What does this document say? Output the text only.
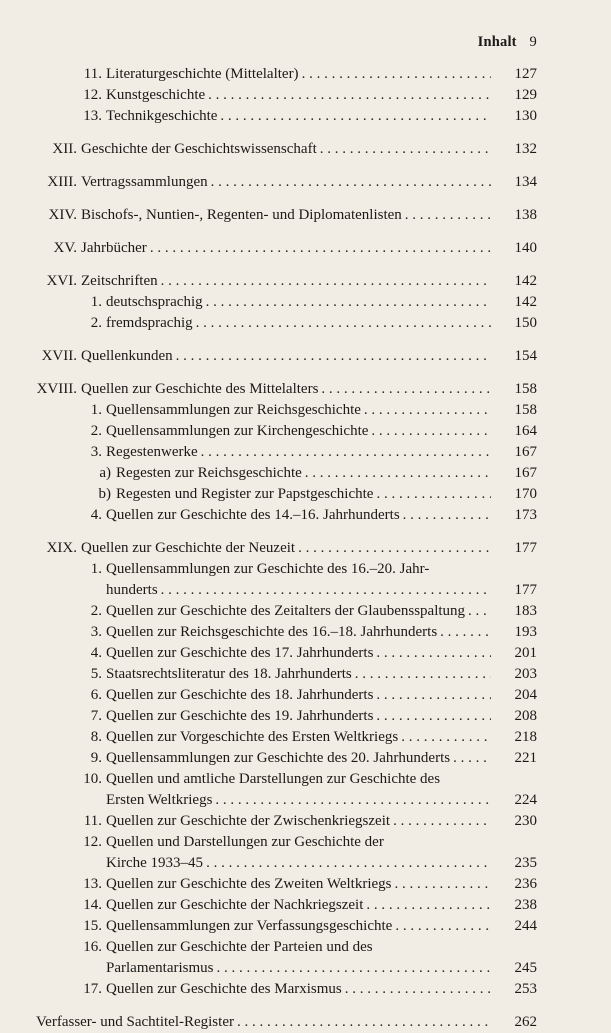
Inhalt 9
11. Literaturgeschichte (Mittelalter) . . .	127
12. Kunstgeschichte . . .	129
13. Technikgeschichte . . .	130
XII. Geschichte der Geschichtswissenschaft . . .	132
XIII. Vertragssammlungen . . .	134
XIV. Bischofs-, Nuntien-, Regenten- und Diplomatenlisten . . .	138
XV. Jahrbücher . . .	140
XVI. Zeitschriften . . .	142
1. deutschsprachig . . .	142
2. fremdsprachig . . .	150
XVII. Quellenkunden . . .	154
XVIII. Quellen zur Geschichte des Mittelalters . . .	158
1. Quellensammlungen zur Reichsgeschichte . . .	158
2. Quellensammlungen zur Kirchengeschichte . . .	164
3. Regestenwerke . . .	167
a) Regesten zur Reichsgeschichte . . .	167
b) Regesten und Register zur Papstgeschichte . . .	170
4. Quellen zur Geschichte des 14.–16. Jahrhunderts . . .	173
XIX. Quellen zur Geschichte der Neuzeit . . .	177
1. Quellensammlungen zur Geschichte des 16.–20. Jahr-
hunderts . . .	177
2. Quellen zur Geschichte des Zeitalters der Glaubensspaltung . . .	183
3. Quellen zur Reichsgeschichte des 16.–18. Jahrhunderts . . .	193
4. Quellen zur Geschichte des 17. Jahrhunderts . . .	201
5. Staatsrechtsliteratur des 18. Jahrhunderts . . .	203
6. Quellen zur Geschichte des 18. Jahrhunderts . . .	204
7. Quellen zur Geschichte des 19. Jahrhunderts . . .	208
8. Quellen zur Vorgeschichte des Ersten Weltkriegs . . .	218
9. Quellensammlungen zur Geschichte des 20. Jahrhunderts . . .	221
10. Quellen und amtliche Darstellungen zur Geschichte des
Ersten Weltkriegs . . .	224
11. Quellen zur Geschichte der Zwischenkriegszeit . . .	230
12. Quellen und Darstellungen zur Geschichte der
Kirche 1933–45 . . .	235
13. Quellen zur Geschichte des Zweiten Weltkriegs . . .	236
14. Quellen zur Geschichte der Nachkriegszeit . . .	238
15. Quellensammlungen zur Verfassungsgeschichte . . .	244
16. Quellen zur Geschichte der Parteien und des
Parlamentarismus . . .	245
17. Quellen zur Geschichte des Marxismus . . .	253
Verfasser- und Sachtitel-Register . . .	262
